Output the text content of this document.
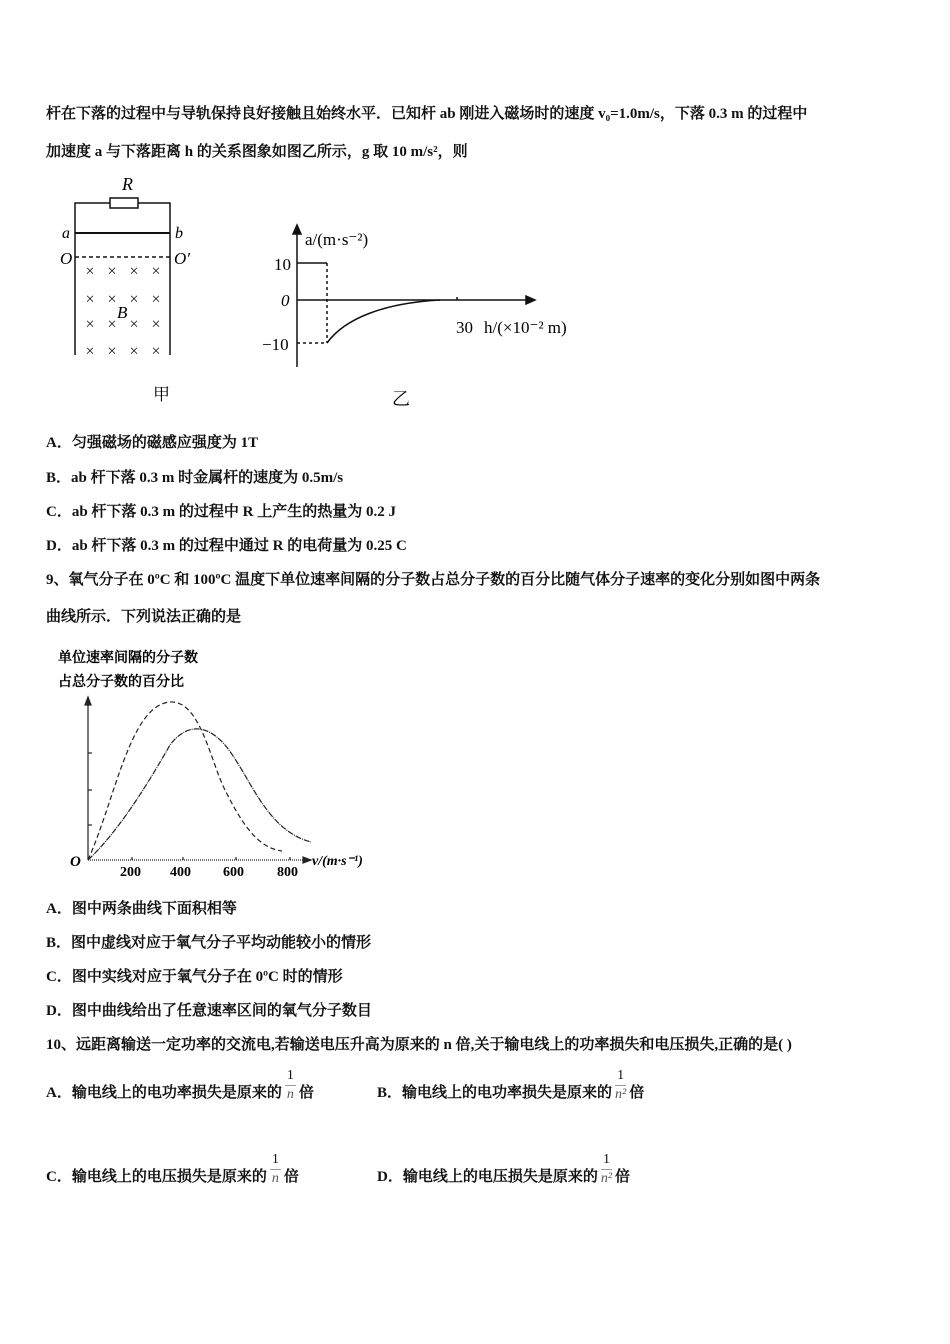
杆在下落的过程中与导轨保持良好接触且始终水平．已知杆 ab 刚进入磁场时的速度 v₀=1.0m/s，下落 0.3 m 的过程中
加速度 a 与下落距离 h 的关系图象如图乙所示，g 取 10 m/s²，则
× × × ×
× × × ×
× × × ×
× × × ×
R
a	b
O	O′
B
甲
a/(m·s⁻²)
10
0
−10
30 h/(×10⁻² m)
乙
A．匀强磁场的磁感应强度为 1T
B．ab 杆下落 0.3 m 时金属杆的速度为 0.5m/s
C．ab 杆下落 0.3 m 的过程中 R 上产生的热量为 0.2 J
D．ab 杆下落 0.3 m 的过程中通过 R 的电荷量为 0.25 C
9、氧气分子在 0ºC 和 100ºC 温度下单位速率间隔的分子数占总分子数的百分比随气体分子速率的变化分别如图中两条
曲线所示．下列说法正确的是
单位速率间隔的分子数
占总分子数的百分比
O
200 400 600 800
v/(m·s⁻¹)
A．图中两条曲线下面积相等
B．图中虚线对应于氧气分子平均动能较小的情形
C．图中实线对应于氧气分子在 0ºC 时的情形
D．图中曲线给出了任意速率区间的氧气分子数目
10、远距离输送一定功率的交流电,若输送电压升高为原来的 n 倍,关于输电线上的功率损失和电压损失,正确的是( )
A．输电线上的电功率损失是原来的 $\frac{1}{n}$ 倍	B．输电线上的电功率损失是原来的 $\frac{1}{\text{n²}}$ 倍
C．输电线上的电压损失是原来的 $\frac{1}{n}$ 倍	D．输电线上的电压损失是原来的 $\frac{1}{\text{n²}}$ 倍
